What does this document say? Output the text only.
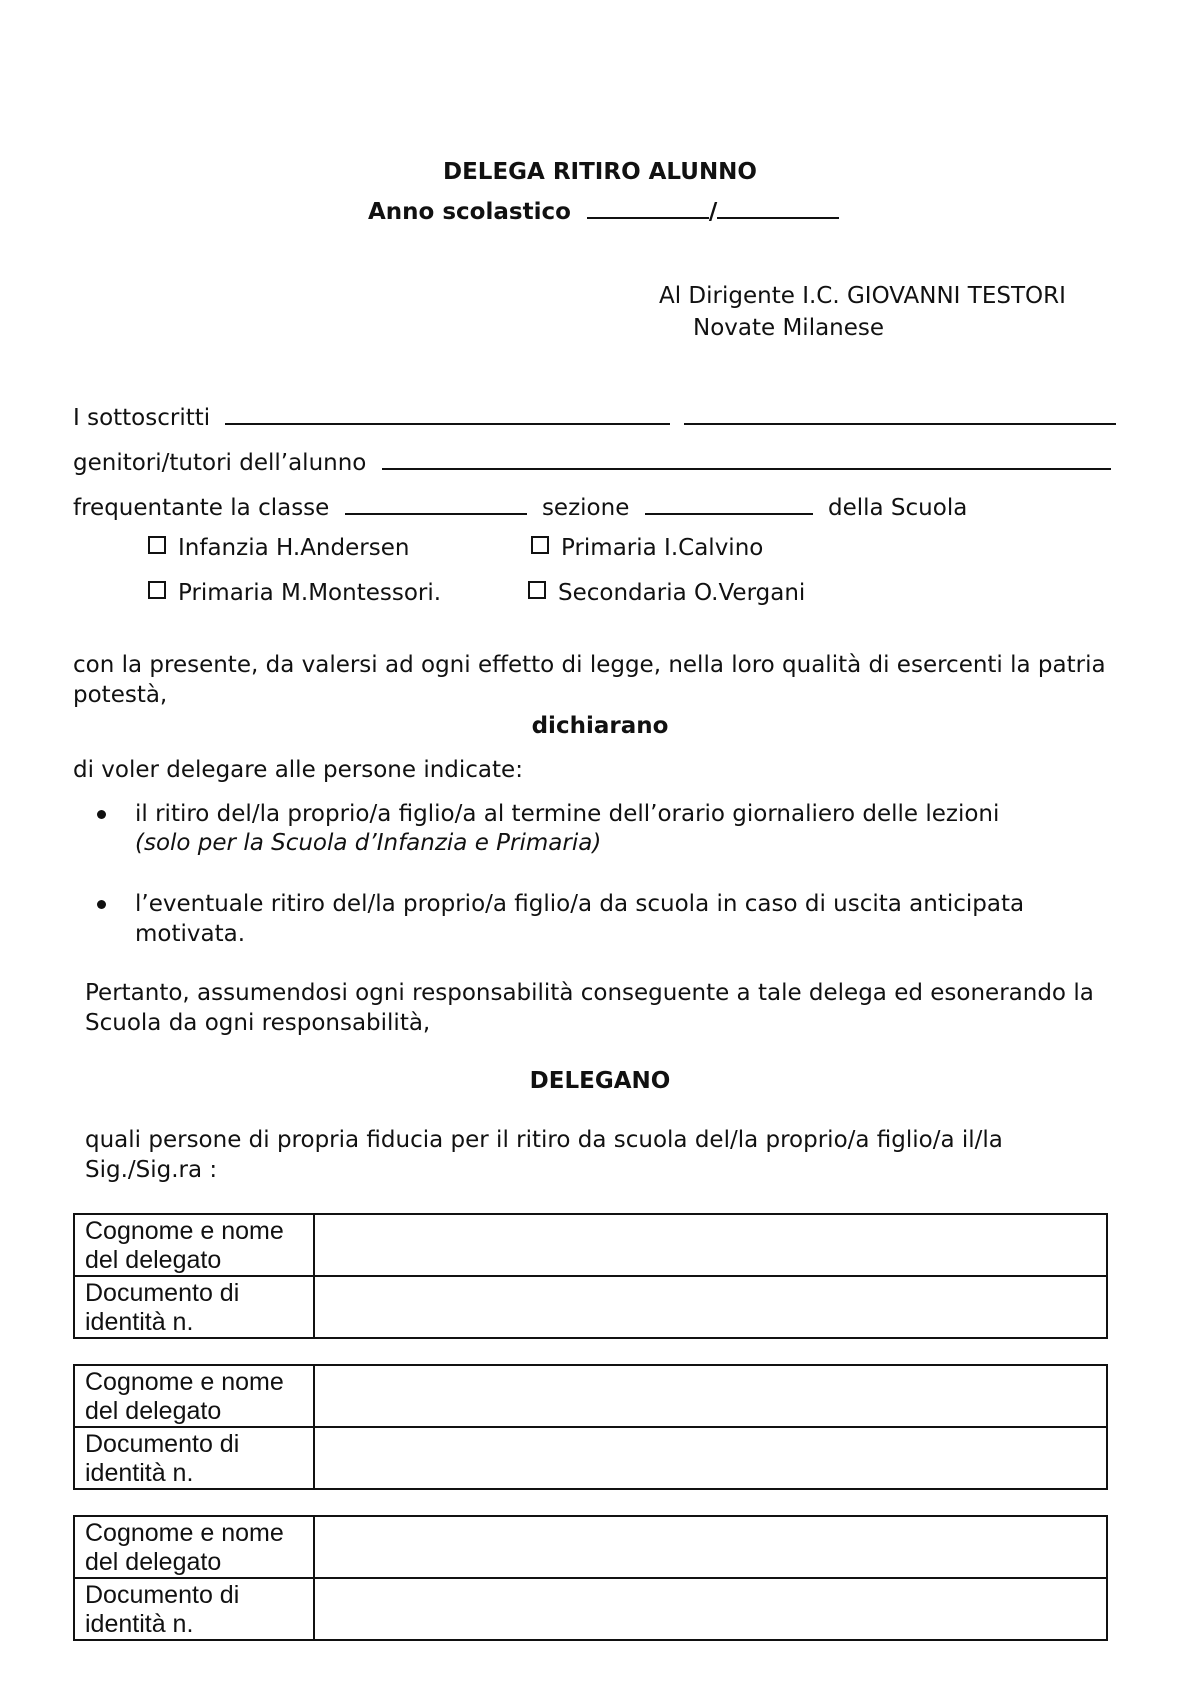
DELEGA RITIRO ALUNNO
Anno scolastico	/
Al Dirigente I.C. GIOVANNI TESTORI
Novate Milanese
I sottoscritti
genitori/tutori dell’alunno
frequentante la classe	sezione	della Scuola
Infanzia H.Andersen	Primaria I.Calvino
Primaria M.Montessori.	Secondaria O.Vergani
con la presente, da valersi ad ogni effetto di legge, nella loro qualità di esercenti la patria potestà,
dichiarano
di voler delegare alle persone indicate:
il ritiro del/la proprio/a figlio/a al termine dell’orario giornaliero delle lezioni
(solo per la Scuola d’Infanzia e Primaria)
l’eventuale ritiro del/la proprio/a figlio/a da scuola in caso di uscita anticipata motivata.
Pertanto, assumendosi ogni responsabilità conseguente a tale delega ed esonerando la Scuola da ogni responsabilità,
DELEGANO
quali persone di propria fiducia per il ritiro da scuola del/la proprio/a figlio/a il/la Sig./Sig.ra :
Cognome e nome del delegato	
Documento di identità n.	
Cognome e nome del delegato	
Documento di identità n.	
Cognome e nome del delegato	
Documento di identità n.	
